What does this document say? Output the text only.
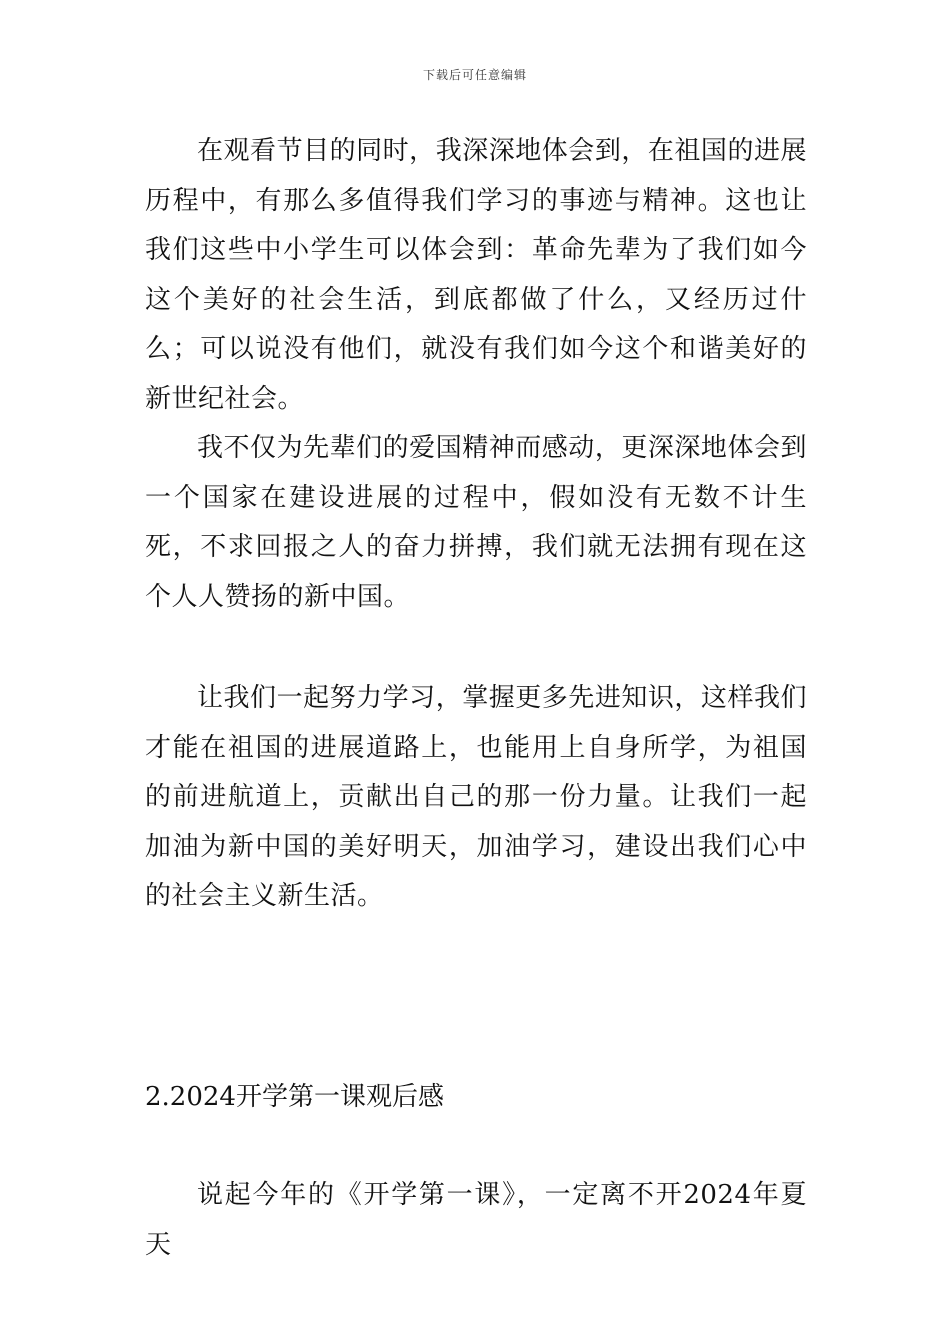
下载后可任意编辑

在观看节目的同时，我深深地体会到，在祖国的进展历程中，有那么多值得我们学习的事迹与精神。这也让我们这些中小学生可以体会到：革命先辈为了我们如今这个美好的社会生活，到底都做了什么，又经历过什么；可以说没有他们，就没有我们如今这个和谐美好的新世纪社会。

我不仅为先辈们的爱国精神而感动，更深深地体会到一个国家在建设进展的过程中，假如没有无数不计生死，不求回报之人的奋力拼搏，我们就无法拥有现在这个人人赞扬的新中国。

让我们一起努力学习，掌握更多先进知识，这样我们才能在祖国的进展道路上，也能用上自身所学，为祖国的前进航道上，贡献出自己的那一份力量。让我们一起加油为新中国的美好明天，加油学习，建设出我们心中的社会主义新生活。

2.2024开学第一课观后感

说起今年的《开学第一课》，一定离不开2024年夏天
